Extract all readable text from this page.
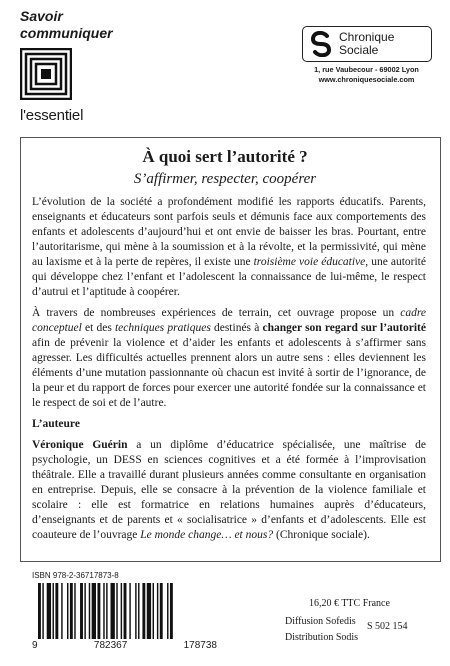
Savoir
communiquer
l'essentiel
Chronique
Sociale
1, rue Vaubecour - 69002 Lyon
www.chroniquesociale.com
À quoi sert l’autorité ?
S’affirmer, respecter, coopérer

L’évolution de la société a profondément modifié les rapports éducatifs. Parents, enseignants et éducateurs sont parfois seuls et démunis face aux comportements des enfants et adolescents d’aujourd’hui et ont envie de baisser les bras. Pourtant, entre l’autoritarisme, qui mène à la soumission et à la révolte, et la permissivité, qui mène au laxisme et à la perte de repères, il existe une troisième voie éducative, une autorité qui développe chez l’enfant et l’adolescent la connaissance de lui-même, le respect d’autrui et l’aptitude à coopérer.

À travers de nombreuses expériences de terrain, cet ouvrage propose un cadre conceptuel et des techniques pratiques destinés à changer son regard sur l’autorité afin de prévenir la violence et d’aider les enfants et adolescents à s’affirmer sans agresser. Les difficultés actuelles prennent alors un autre sens : elles deviennent les éléments d’une mutation passionnante où chacun est invité à sortir de l’ignorance, de la peur et du rapport de forces pour exercer une autorité fondée sur la connaissance et le respect de soi et de l’autre.

L’auteure

Véronique Guérin a un diplôme d’éducatrice spécialisée, une maîtrise de psychologie, un DESS en sciences cognitives et a été formée à l’improvisation théâtrale. Elle a travaillé durant plusieurs années comme consultante en organisation en entreprise. Depuis, elle se consacre à la prévention de la violence familiale et scolaire : elle est formatrice en relations humaines auprès d’éducateurs, d’enseignants et de parents et « socialisatrice » d’enfants et d’adolescents. Elle est coauteure de l’ouvrage Le monde change… et nous? (Chronique sociale).

ISBN 978-2-36717873-8
9	782367	178738
16,20 € TTC France
Diffusion Sofedis
Distribution Sodis
S 502 154
